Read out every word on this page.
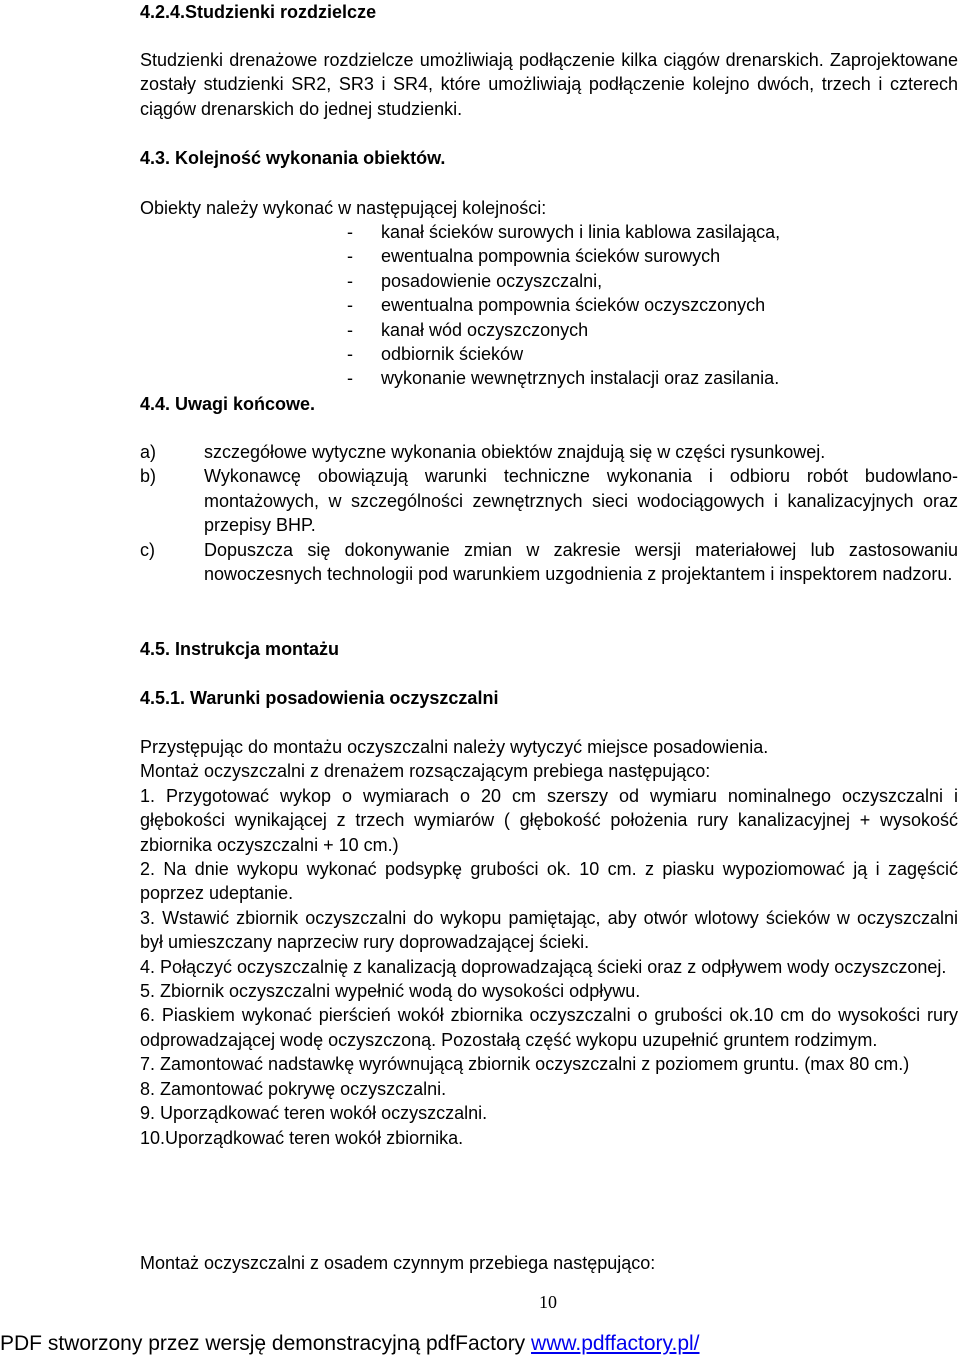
4.2.4.Studzienki rozdzielcze

Studzienki drenażowe rozdzielcze umożliwiają podłączenie kilka ciągów drenarskich. Zaprojektowane zostały studzienki SR2, SR3 i SR4, które umożliwiają podłączenie kolejno dwóch, trzech i czterech ciągów drenarskich do jednej studzienki.

4.3. Kolejność wykonania obiektów.

Obiekty należy wykonać w następującej kolejności:

-	kanał ścieków surowych i linia kablowa zasilająca,
-	ewentualna pompownia ścieków surowych
-	posadowienie oczyszczalni,
-	ewentualna pompownia ścieków oczyszczonych
-	kanał wód oczyszczonych
-	odbiornik ścieków
-	wykonanie wewnętrznych instalacji oraz zasilania.
4.4. Uwagi końcowe.
a)	szczegółowe wytyczne wykonania obiektów znajdują się w części rysunkowej.
b)	Wykonawcę obowiązują warunki techniczne wykonania i odbioru robót budowlano-montażowych, w szczególności zewnętrznych sieci wodociągowych i kanalizacyjnych oraz przepisy BHP.
c)	Dopuszcza się dokonywanie zmian w zakresie wersji materiałowej lub zastosowaniu nowoczesnych technologii pod warunkiem uzgodnienia z projektantem i inspektorem nadzoru.
4.5. Instrukcja montażu
4.5.1. Warunki posadowienia oczyszczalni

Przystępując do montażu oczyszczalni należy wytyczyć miejsce posadowienia.

Montaż oczyszczalni z drenażem rozsączającym prebiega następująco:

1. Przygotować wykop o wymiarach o 20 cm szerszy od wymiaru nominalnego oczyszczalni i głębokości wynikającej z trzech wymiarów ( głębokość położenia rury kanalizacyjnej + wysokość zbiornika oczyszczalni + 10 cm.)

2. Na dnie wykopu wykonać podsypkę grubości ok. 10 cm. z piasku wypoziomować ją i zagęścić poprzez udeptanie.

3. Wstawić zbiornik oczyszczalni do wykopu pamiętając, aby otwór wlotowy ścieków w oczyszczalni był umieszczany naprzeciw rury doprowadzającej ścieki.

4. Połączyć oczyszczalnię z kanalizacją doprowadzającą ścieki oraz z odpływem wody oczyszczonej.

5. Zbiornik oczyszczalni wypełnić wodą do wysokości odpływu.

6. Piaskiem wykonać pierścień wokół zbiornika oczyszczalni o grubości ok.10 cm do wysokości rury odprowadzającej wodę oczyszczoną. Pozostałą część wykopu uzupełnić gruntem rodzimym.

7. Zamontować nadstawkę wyrównującą zbiornik oczyszczalni z poziomem gruntu. (max 80 cm.)

8. Zamontować pokrywę oczyszczalni.

9. Uporządkować teren wokół oczyszczalni.

10.Uporządkować teren wokół zbiornika.

Montaż oczyszczalni z osadem czynnym przebiega następująco:

10
PDF stworzony przez wersję demonstracyjną pdfFactory www.pdffactory.pl/
